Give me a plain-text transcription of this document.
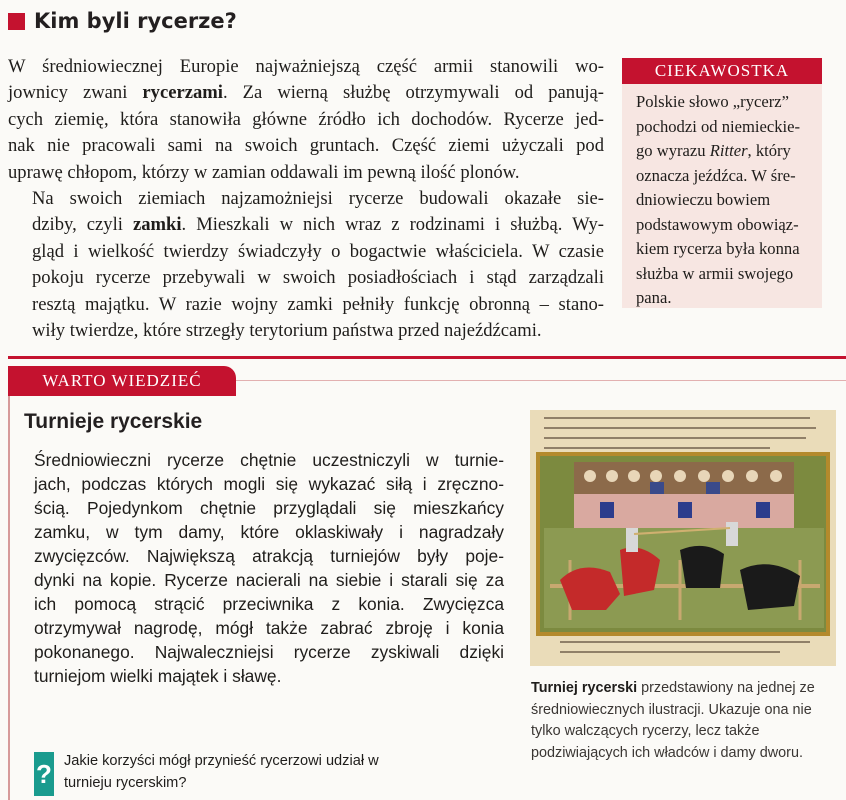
Kim byli rycerze?

W średniowiecznej Europie najważniejszą część armii stanowili wo-
jownicy zwani rycerzami. Za wierną służbę otrzymywali od panują-
cych ziemię, która stanowiła główne źródło ich dochodów. Rycerze jed-
nak nie pracowali sami na swoich gruntach. Część ziemi użyczali pod
uprawę chłopom, którzy w zamian oddawali im pewną ilość plonów.

Na swoich ziemiach najzamożniejsi rycerze budowali okazałe sie-
dziby, czyli zamki. Mieszkali w nich wraz z rodzinami i służbą. Wy-
gląd i wielkość twierdzy świadczyły o bogactwie właściciela. W czasie
pokoju rycerze przebywali w swoich posiadłościach i stąd zarządzali
resztą majątku. W razie wojny zamki pełniły funkcję obronną – stano-
wiły twierdze, które strzegły terytorium państwa przed najeźdźcami.

CIEKAWOSTKA
Polskie słowo „rycerz”
pochodzi od niemieckie-
go wyrazu Ritter, który
oznacza jeźdźca. W śre-
dniowieczu bowiem
podstawowym obowiąz-
kiem rycerza była konna
służba w armii swojego
pana.
WARTO WIEDZIEĆ
Turnieje rycerskie
Średniowieczni rycerze chętnie uczestniczyli w turnie-
jach, podczas których mogli się wykazać siłą i zręczno-
ścią. Pojedynkom chętnie przyglądali się mieszkańcy
zamku, w tym damy, które oklaskiwały i nagradzały
zwycięzców. Największą atrakcją turniejów były poje-
dynki na kopie. Rycerze nacierali na siebie i starali się za
ich pomocą strącić przeciwnika z konia. Zwycięzca
otrzymywał nagrodę, mógł także zabrać zbroję i konia
pokonanego. Najwaleczniejsi rycerze zyskiwali dzięki
turniejom wielki majątek i sławę.
Turniej rycerski przedstawiony na jednej ze średniowiecznych ilustracji. Ukazuje ona nie tylko walczących rycerzy, lecz także podziwiających ich władców i damy dworu.
? Jakie korzyści mógł przynieść rycerzowi udział w turnieju rycerskim?
